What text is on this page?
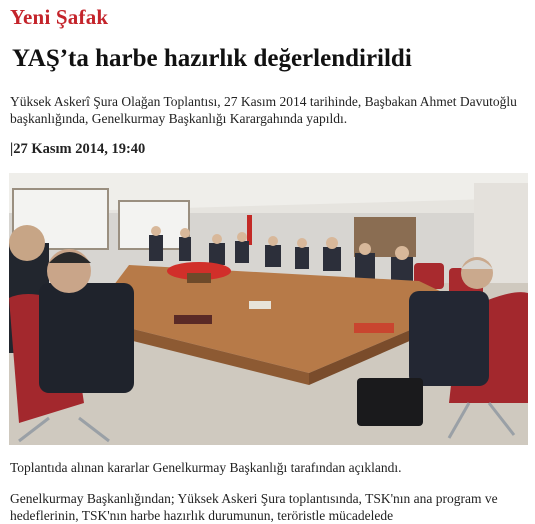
Yeni Şafak
YAŞ’ta harbe hazırlık değerlendirildi
Yüksek Askerî Şura Olağan Toplantısı, 27 Kasım 2014 tarihinde, Başbakan Ahmet Davutoğlu başkanlığında, Genelkurmay Başkanlığı Karargahında yapıldı.
|27 Kasım 2014, 19:40
Toplantıda alınan kararlar Genelkurmay Başkanlığı tarafından açıklandı.
Genelkurmay Başkanlığından; Yüksek Askeri Şura toplantısında, TSK'nın ana program ve hedeflerinin, TSK'nın harbe hazırlık durumunun, teröristle mücadelede
